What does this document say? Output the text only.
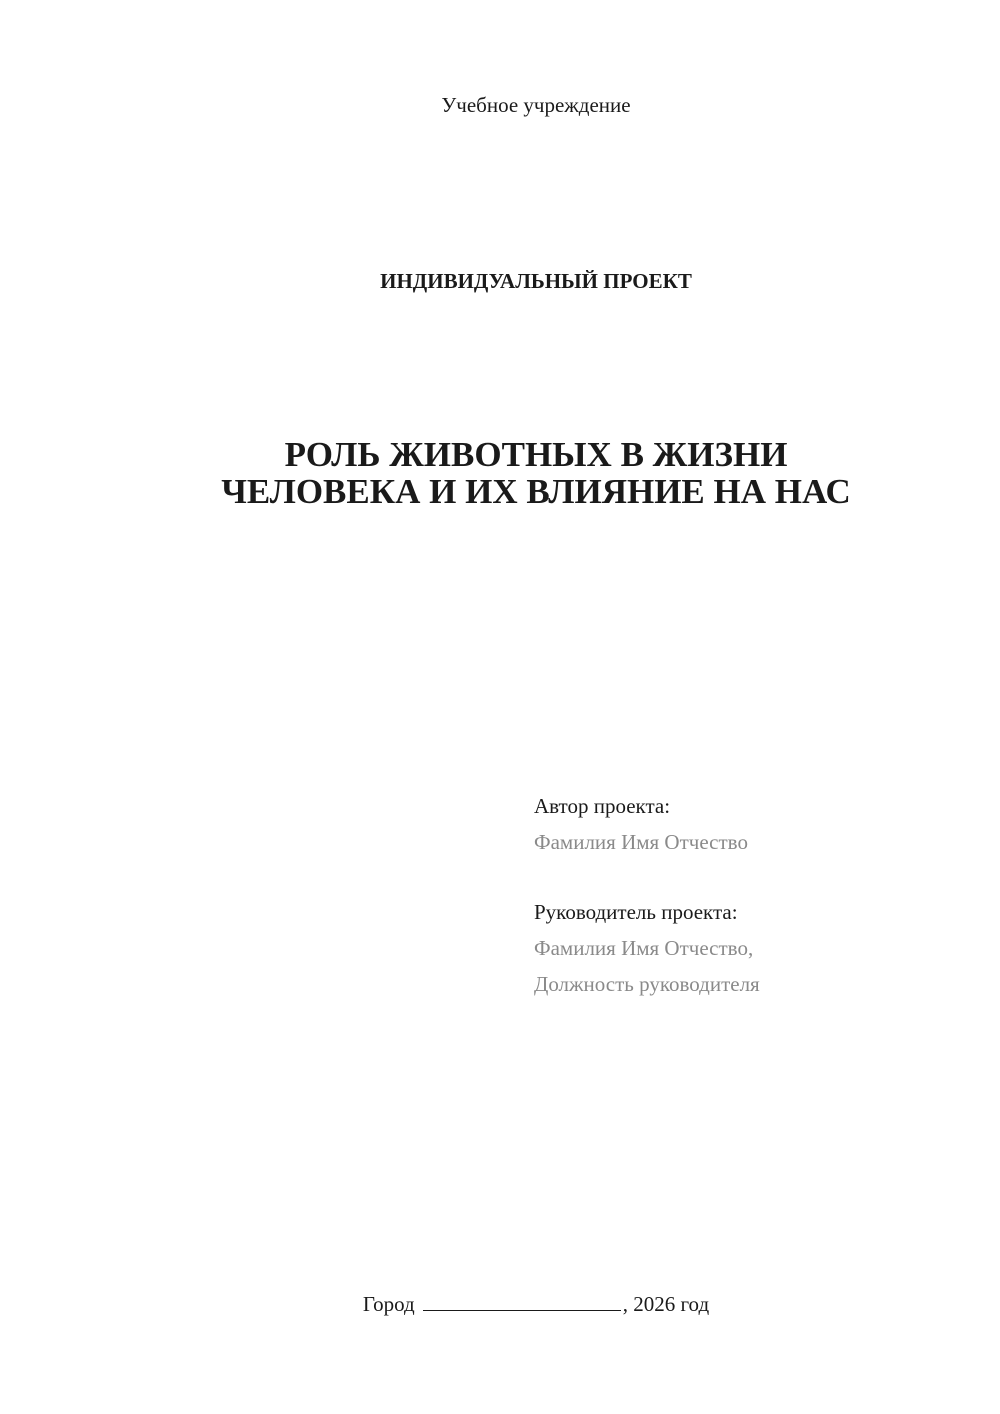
Учебное учреждение
ИНДИВИДУАЛЬНЫЙ ПРОЕКТ
РОЛЬ ЖИВОТНЫХ В ЖИЗНИ
ЧЕЛОВЕКА И ИХ ВЛИЯНИЕ НА НАС
Автор проекта:
Фамилия Имя Отчество
Руководитель проекта:
Фамилия Имя Отчество,
Должность руководителя
Город	, 2026 год
